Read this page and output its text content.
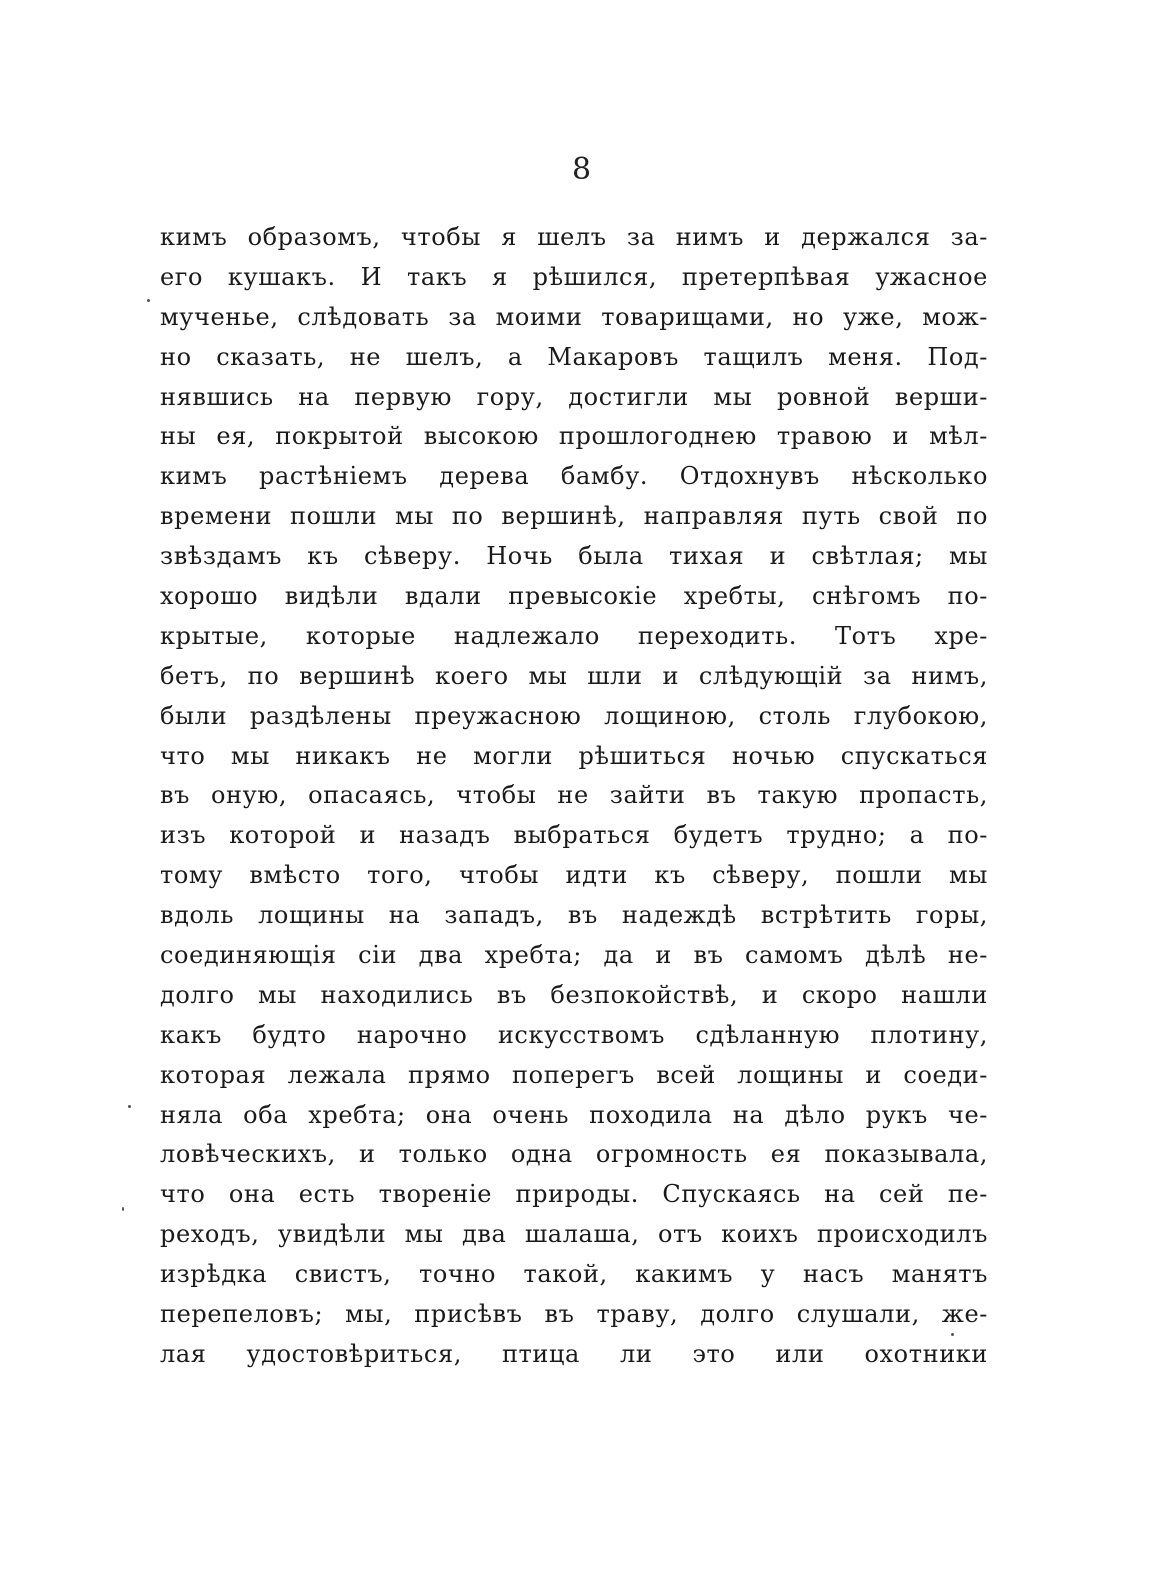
8
кимъ образомъ, чтобы я шелъ за нимъ и держался за-
его кушакъ. И такъ я рѣшился, претерпѣвая ужасное
мученье, слѣдовать за моими товарищами, но уже, мож-
но сказать, не шелъ, а Макаровъ тащилъ меня. Под-
нявшись на первую гору, достигли мы ровной верши-
ны ея, покрытой высокою прошлогоднею травою и мѣл-
кимъ растѣніемъ дерева бамбу. Отдохнувъ нѣсколько
времени пошли мы по вершинѣ, направляя путь свой по
звѣздамъ къ сѣверу. Ночь была тихая и свѣтлая; мы
хорошо видѣли вдали превысокіе хребты, снѣгомъ по-
крытые, которые надлежало переходить. Тотъ хре-
бетъ, по вершинѣ коего мы шли и слѣдующій за нимъ,
были раздѣлены преужасною лощиною, столь глубокою,
что мы никакъ не могли рѣшиться ночью спускаться
въ оную, опасаясь, чтобы не зайти въ такую пропасть,
изъ которой и назадъ выбраться будетъ трудно; а по-
тому вмѣсто того, чтобы идти къ сѣверу, пошли мы
вдоль лощины на западъ, въ надеждѣ встрѣтить горы,
соединяющія сіи два хребта; да и въ самомъ дѣлѣ не-
долго мы находились въ безпокойствѣ, и скоро нашли
какъ будто нарочно искусствомъ сдѣланную плотину,
которая лежала прямо поперегъ всей лощины и соеди-
няла оба хребта; она очень походила на дѣло рукъ че-
ловѣческихъ, и только одна огромность ея показывала,
что она есть твореніе природы. Спускаясь на сей пе-
реходъ, увидѣли мы два шалаша, отъ коихъ происходилъ
изрѣдка свистъ, точно такой, какимъ у насъ манятъ
перепеловъ; мы, присѣвъ въ траву, долго слушали, же-
лая удостовѣриться, птица ли это или охотники
